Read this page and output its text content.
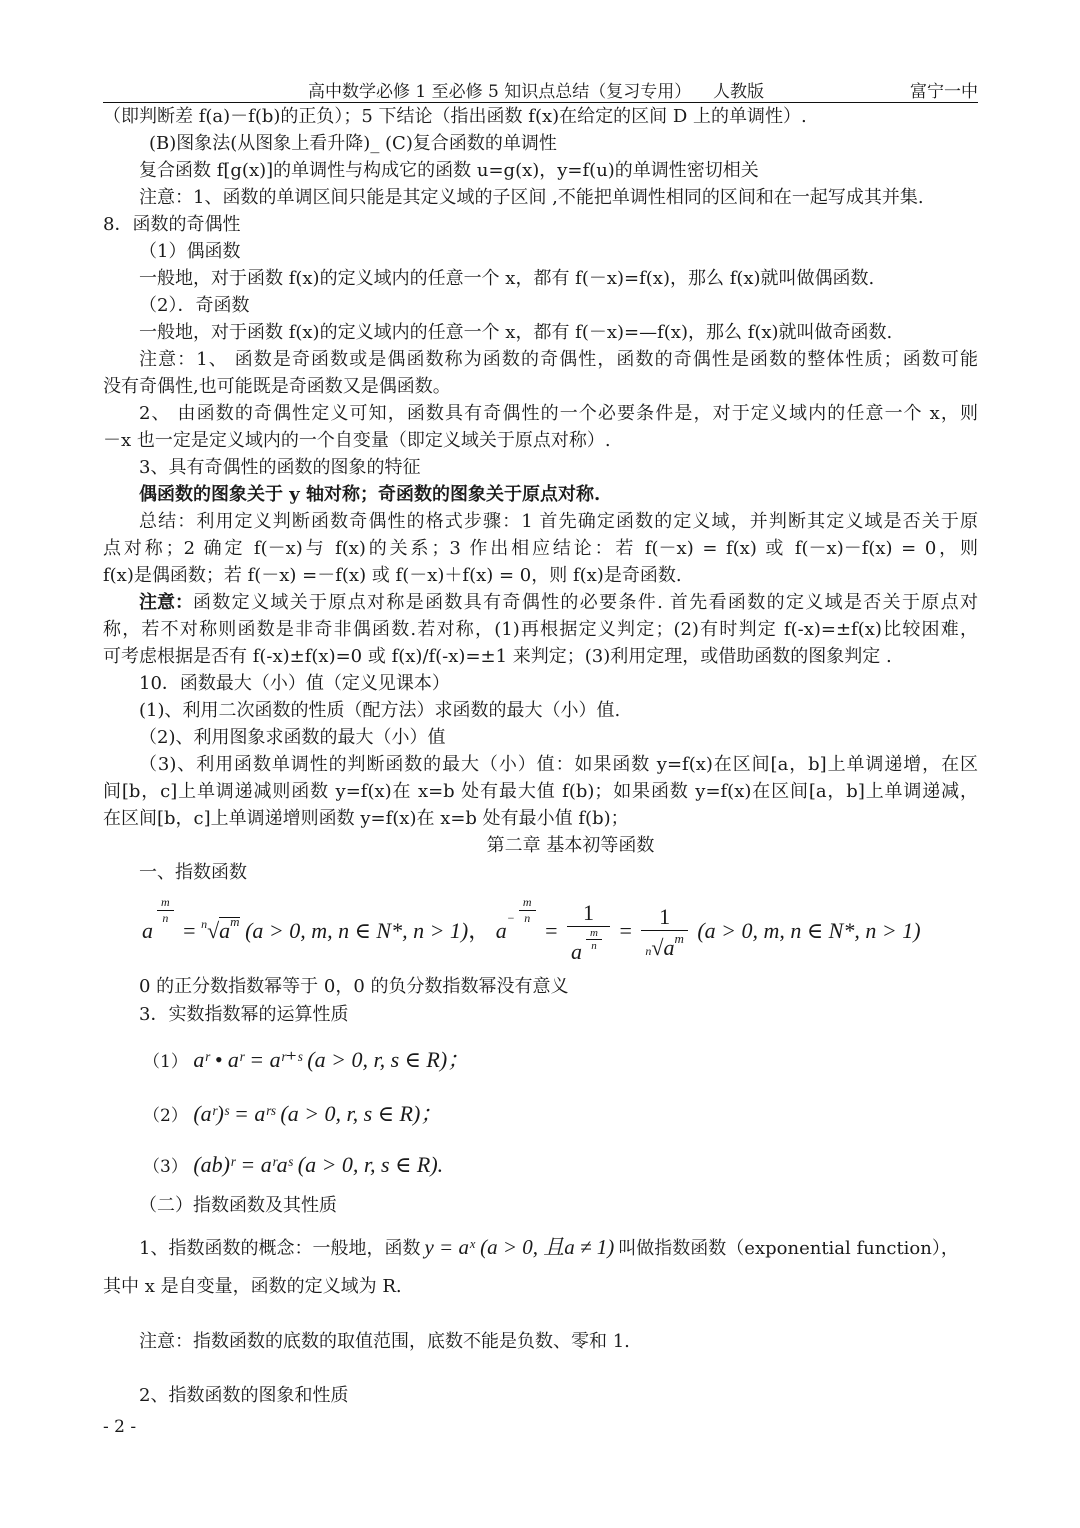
高中数学必修 1 至必修 5 知识点总结（复习专用） 人教版	富宁一中
（即判断差 f(a)－f(b)的正负）；5 下结论（指出函数 f(x)在给定的区间 D 上的单调性）.
(B)图象法(从图象上看升降)_ (C)复合函数的单调性
复合函数 f[g(x)]的单调性与构成它的函数 u=g(x)，y=f(u)的单调性密切相关
注意：1、函数的单调区间只能是其定义域的子区间 ,不能把单调性相同的区间和在一起写成其并集.
8．函数的奇偶性
（1）偶函数
一般地，对于函数 f(x)的定义域内的任意一个 x，都有 f(－x)=f(x)，那么 f(x)就叫做偶函数.
（2）．奇函数
一般地，对于函数 f(x)的定义域内的任意一个 x，都有 f(－x)=—f(x)，那么 f(x)就叫做奇函数.
注意：1、 函数是奇函数或是偶函数称为函数的奇偶性，函数的奇偶性是函数的整体性质；函数可能
没有奇偶性,也可能既是奇函数又是偶函数。
2、 由函数的奇偶性定义可知，函数具有奇偶性的一个必要条件是，对于定义域内的任意一个 x，则
－x 也一定是定义域内的一个自变量（即定义域关于原点对称）.
3、具有奇偶性的函数的图象的特征
偶函数的图象关于 y 轴对称；奇函数的图象关于原点对称.
总结：利用定义判断函数奇偶性的格式步骤：1 首先确定函数的定义域，并判断其定义域是否关于原
点对称；2 确定 f(－x)与 f(x)的关系；3 作出相应结论：若 f(－x) = f(x) 或 f(－x)－f(x) = 0，则
f(x)是偶函数；若 f(－x) =－f(x) 或 f(－x)＋f(x) = 0，则 f(x)是奇函数.
注意： 函数定义域关于原点对称是函数具有奇偶性的必要条件. 首先看函数的定义域是否关于原点对
称，若不对称则函数是非奇非偶函数.若对称，(1)再根据定义判定；(2)有时判定 f(-x)=±f(x)比较困难，
可考虑根据是否有 f(-x)±f(x)=0 或 f(x)/f(-x)=±1 来判定；(3)利用定理，或借助函数的图象判定 .
10．函数最大（小）值（定义见课本）
(1)、利用二次函数的性质（配方法）求函数的最大（小）值.
（2)、利用图象求函数的最大（小）值
（3)、利用函数单调性的判断函数的最大（小）值：如果函数 y=f(x)在区间[a，b]上单调递增，在区
间[b，c]上单调递减则函数 y=f(x)在 x=b 处有最大值 f(b)；如果函数 y=f(x)在区间[a，b]上单调递减，
在区间[b，c]上单调递增则函数 y=f(x)在 x=b 处有最小值 f(b)；
第二章 基本初等函数
一、指数函数
a
$\frac{m}{n}$
= $^n√a^m$ (a > 0, m, n ∈ N*, n > 1)， $a^- \frac{m}{n}$
= $\frac{1}{a \frac{m}{n}} = \frac{1}{n√a^m} (a > 0$, m, n ∈ N*, n > 1)
0 的正分数指数幂等于 0，0 的负分数指数幂没有意义
3．实数指数幂的运算性质
（1） aʳ • aʳ = aʳ⁺ˢ (a > 0, r, s ∈ R)；
（2） (aʳ)ˢ = aʳˢ (a > 0, r, s ∈ R)；
（3） (ab)ʳ = aʳaˢ (a > 0, r, s ∈ R).
（二）指数函数及其性质
1、指数函数的概念：一般地，函数 y = aˣ (a > 0, 且a ≠ 1) 叫做指数函数（exponential function），
其中 x 是自变量，函数的定义域为 R.
注意：指数函数的底数的取值范围，底数不能是负数、零和 1.
2、指数函数的图象和性质
- 2 -
